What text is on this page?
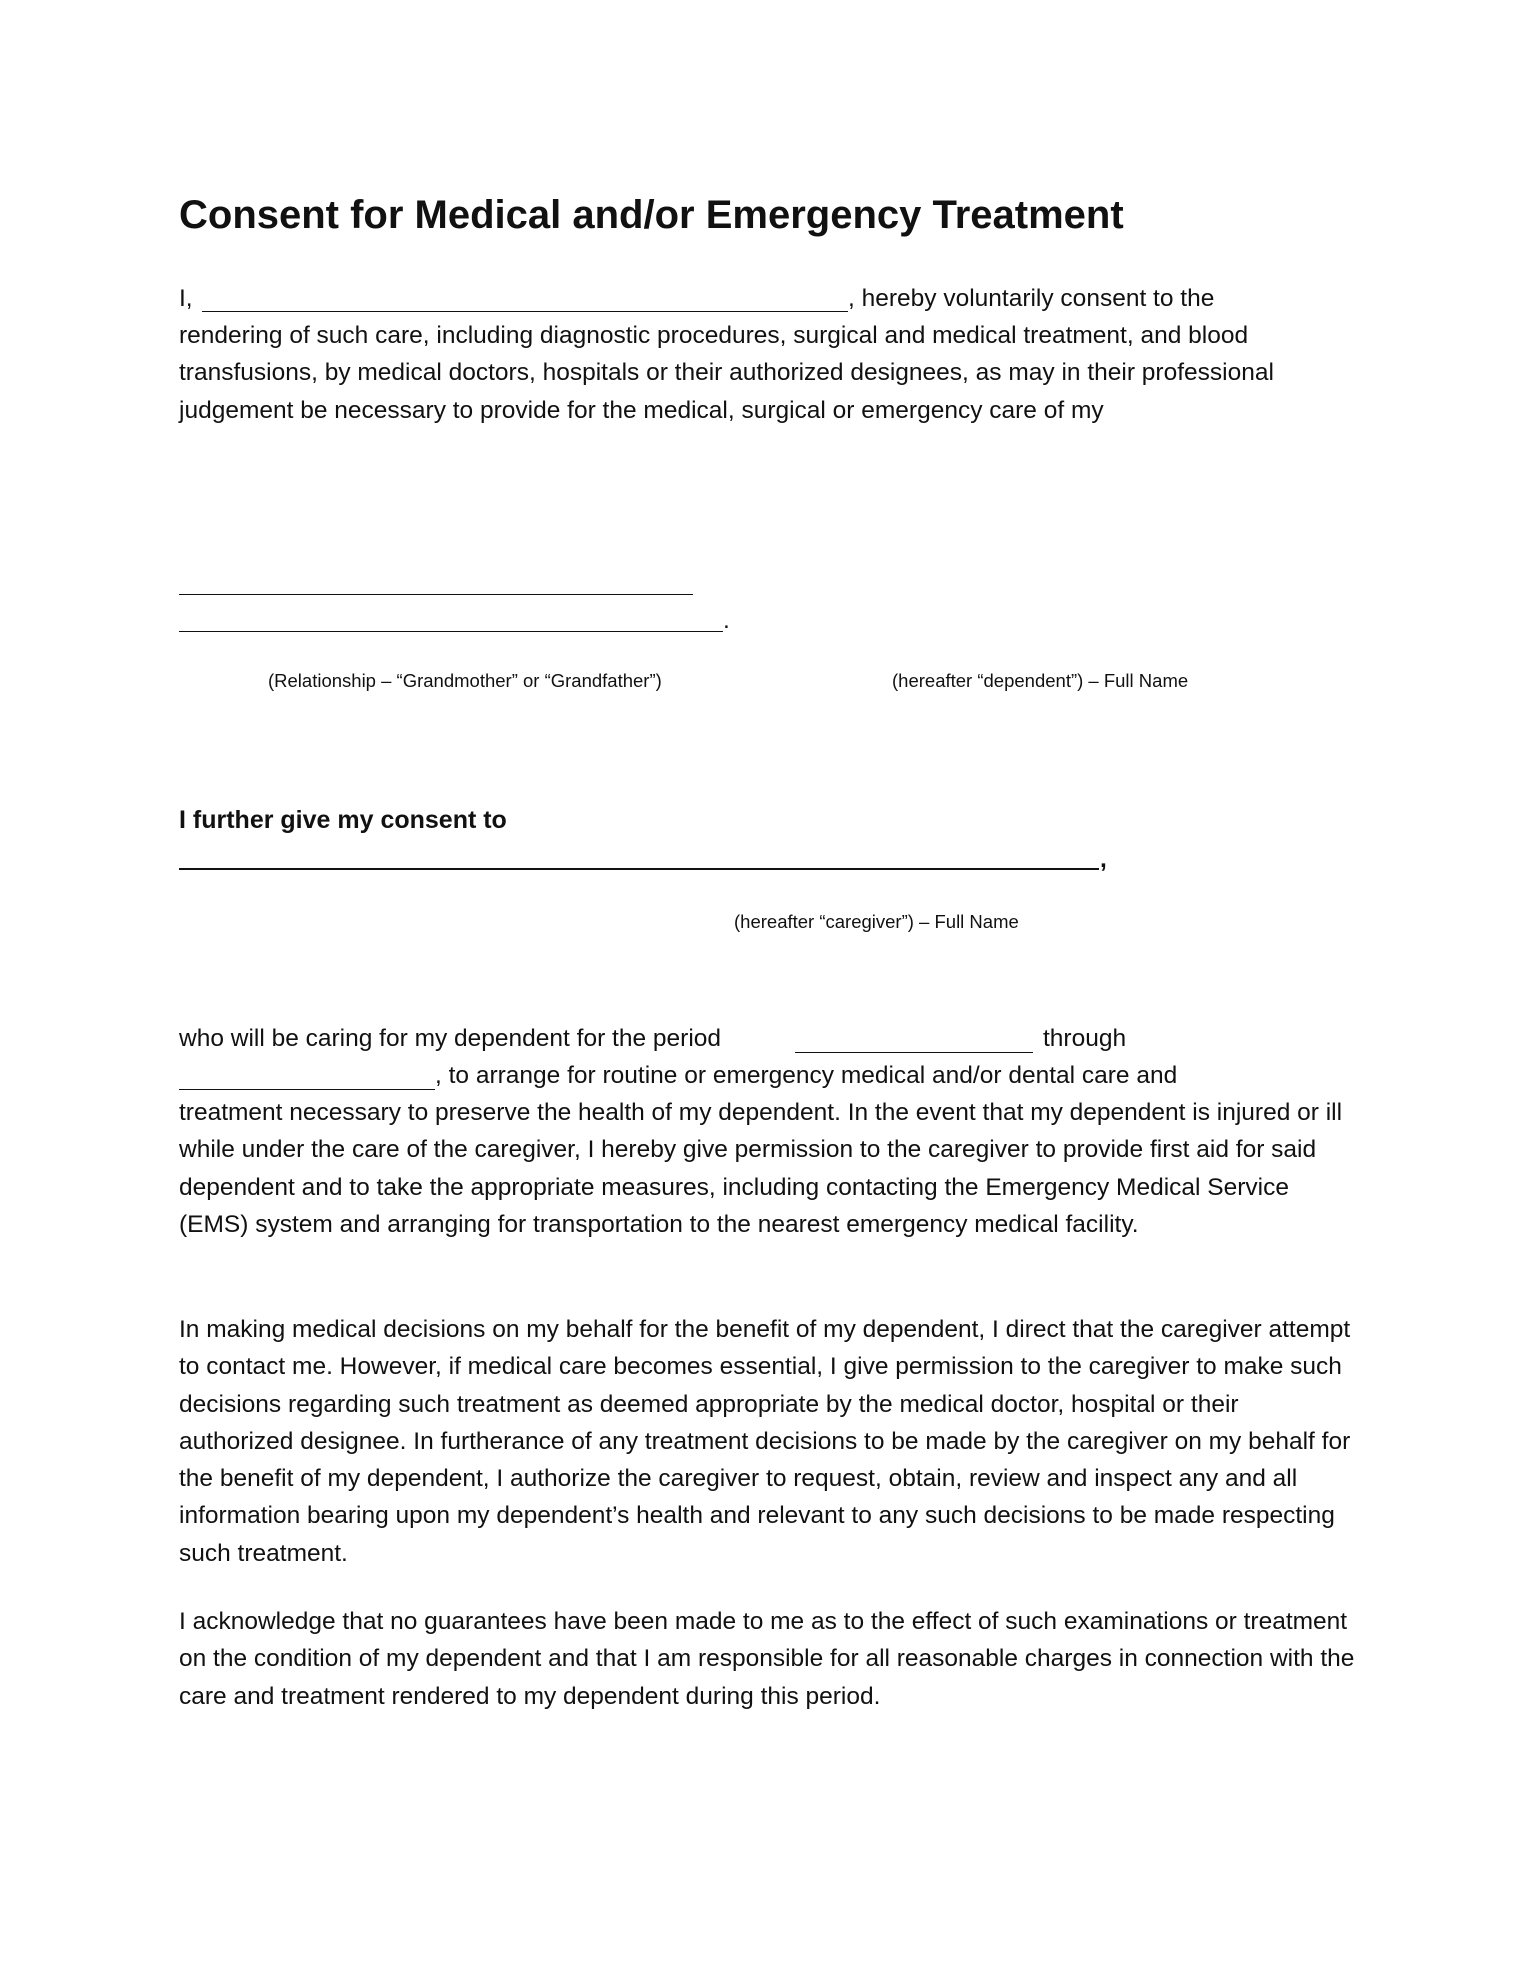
Consent for Medical and/or Emergency Treatment
I,	, hereby voluntarily consent to the
rendering of such care, including diagnostic procedures, surgical and medical treatment, and blood transfusions, by medical doctors, hospitals or their authorized designees, as may in their professional judgement be necessary to provide for the medical, surgical or emergency care of my
.
(Relationship – “Grandmother” or “Grandfather”)	(hereafter “dependent”) – Full Name
I further give my consent to
,
(hereafter “caregiver”) – Full Name
who will be caring for my dependent for the period	through
, to arrange for routine or emergency medical and/or dental care and
treatment necessary to preserve the health of my dependent. In the event that my dependent is injured or ill while under the care of the caregiver, I hereby give permission to the caregiver to provide first aid for said dependent and to take the appropriate measures, including contacting the Emergency Medical Service (EMS) system and arranging for transportation to the nearest emergency medical facility.
In making medical decisions on my behalf for the benefit of my dependent, I direct that the caregiver attempt to contact me. However, if medical care becomes essential, I give permission to the caregiver to make such decisions regarding such treatment as deemed appropriate by the medical doctor, hospital or their authorized designee. In furtherance of any treatment decisions to be made by the caregiver on my behalf for the benefit of my dependent, I authorize the caregiver to request, obtain, review and inspect any and all information bearing upon my dependent’s health and relevant to any such decisions to be made respecting such treatment.
I acknowledge that no guarantees have been made to me as to the effect of such examinations or treatment on the condition of my dependent and that I am responsible for all reasonable charges in connection with the care and treatment rendered to my dependent during this period.
